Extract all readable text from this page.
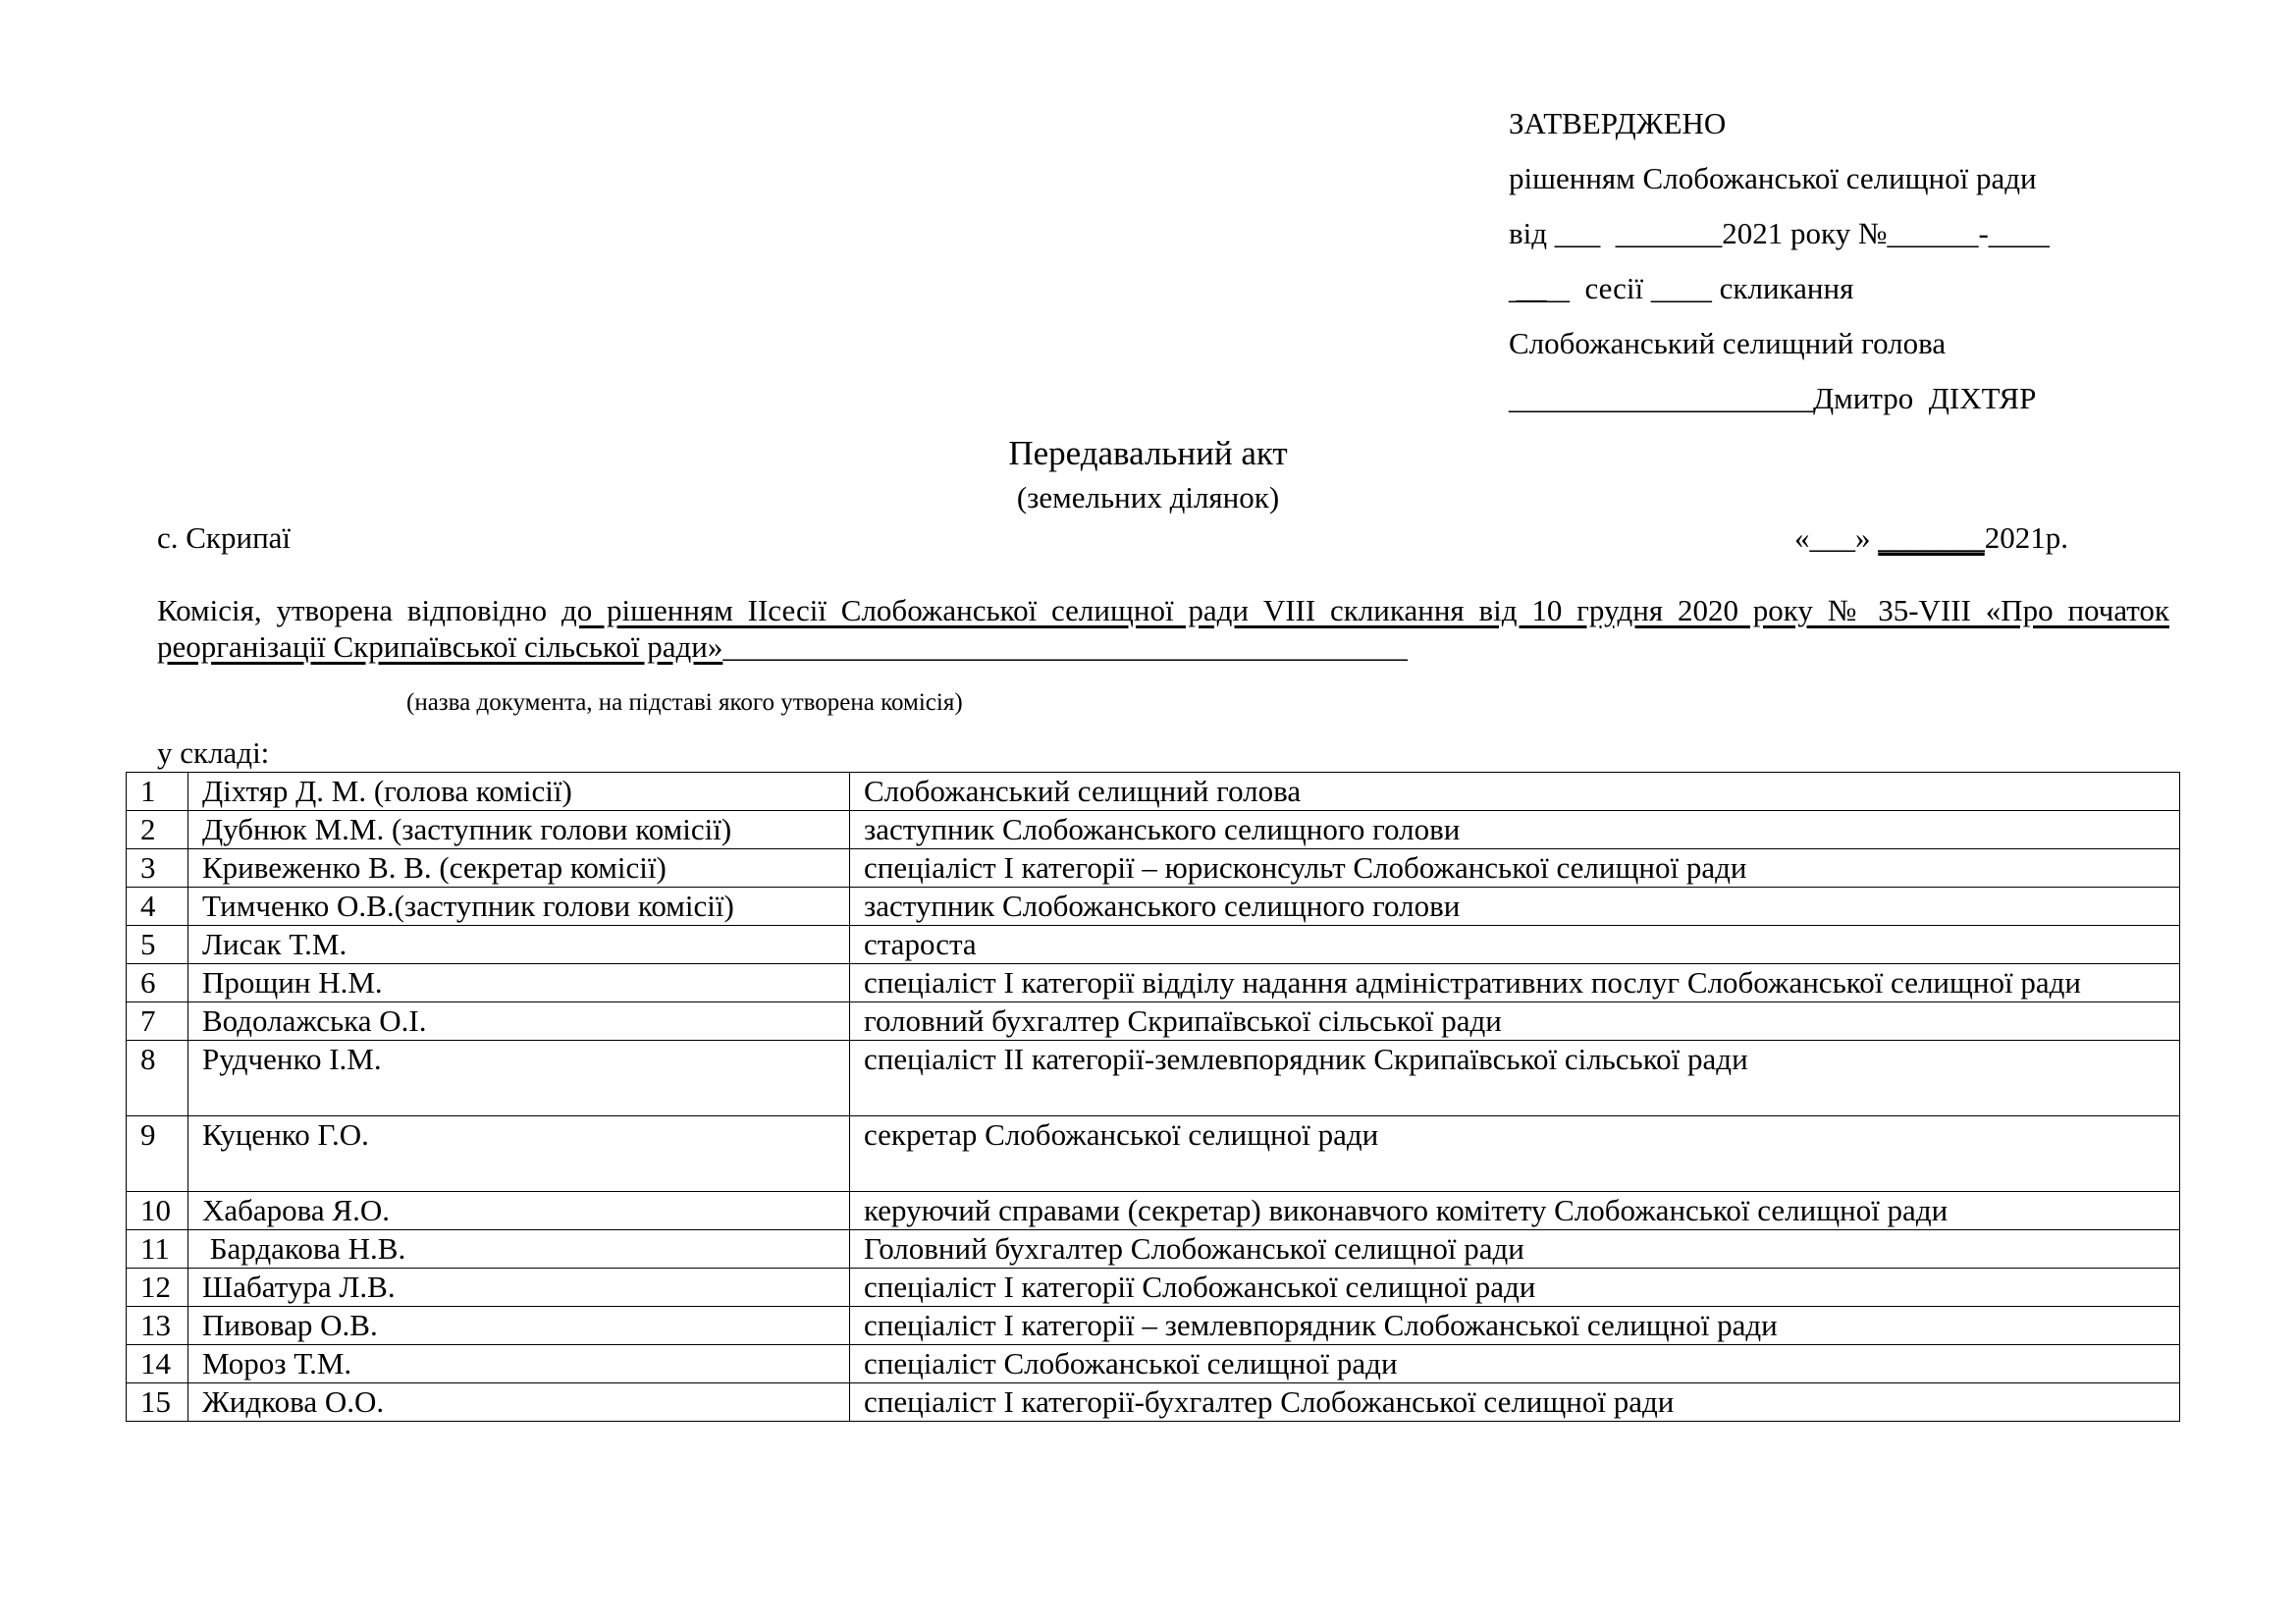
ЗАТВЕРДЖЕНО
рішенням Слобожанської селищної ради
від ___  _______2021 року №______-____
_̲_̲__  сесії ____ скликання
Слобожанський селищний голова
____________________Дмитро  ДІХТЯР
Передавальний акт
(земельних ділянок)
с. Скрипаї	«___» _______2021р.
Комісія, утворена відповідно до рішенням IIсесії Слобожанської селищної ради VIII скликання від 10 грудня 2020 року № 35-VIII «Про початок реорганізації Скрипаївської сільської ради»_____________________________________________
(назва документа, на підставі якого утворена комісія)
у складі:
1	Діхтяр Д. М. (голова комісії)	Слобожанський селищний голова
2	Дубнюк М.М. (заступник голови комісії)	заступник Слобожанського селищного голови
3	Кривеженко В. В. (секретар комісії)	спеціаліст І категорії – юрисконсульт Слобожанської селищної ради
4	Тимченко О.В.(заступник голови комісії)	заступник Слобожанського селищного голови
5	Лисак Т.М.	староста
6	Прощин Н.М.	спеціаліст І категорії відділу надання адміністративних послуг Слобожанської селищної ради
7	Водолажська О.І.	головний бухгалтер Скрипаївської сільської ради
8	Рудченко І.М.	спеціаліст ІІ категорії-землевпорядник Скрипаївської сільської ради
9	Куценко Г.О.	секретар Слобожанської селищної ради
10	Хабарова Я.О.	керуючий справами (секретар) виконавчого комітету Слобожанської селищної ради
11	Бардакова Н.В.	Головний бухгалтер Слобожанської селищної ради
12	Шабатура Л.В.	спеціаліст І категорії Слобожанської селищної ради
13	Пивовар О.В.	спеціаліст І категорії – землевпорядник Слобожанської селищної ради
14	Мороз Т.М.	спеціаліст Слобожанської селищної ради
15	Жидкова О.О.	спеціаліст І категорії-бухгалтер Слобожанської селищної ради
